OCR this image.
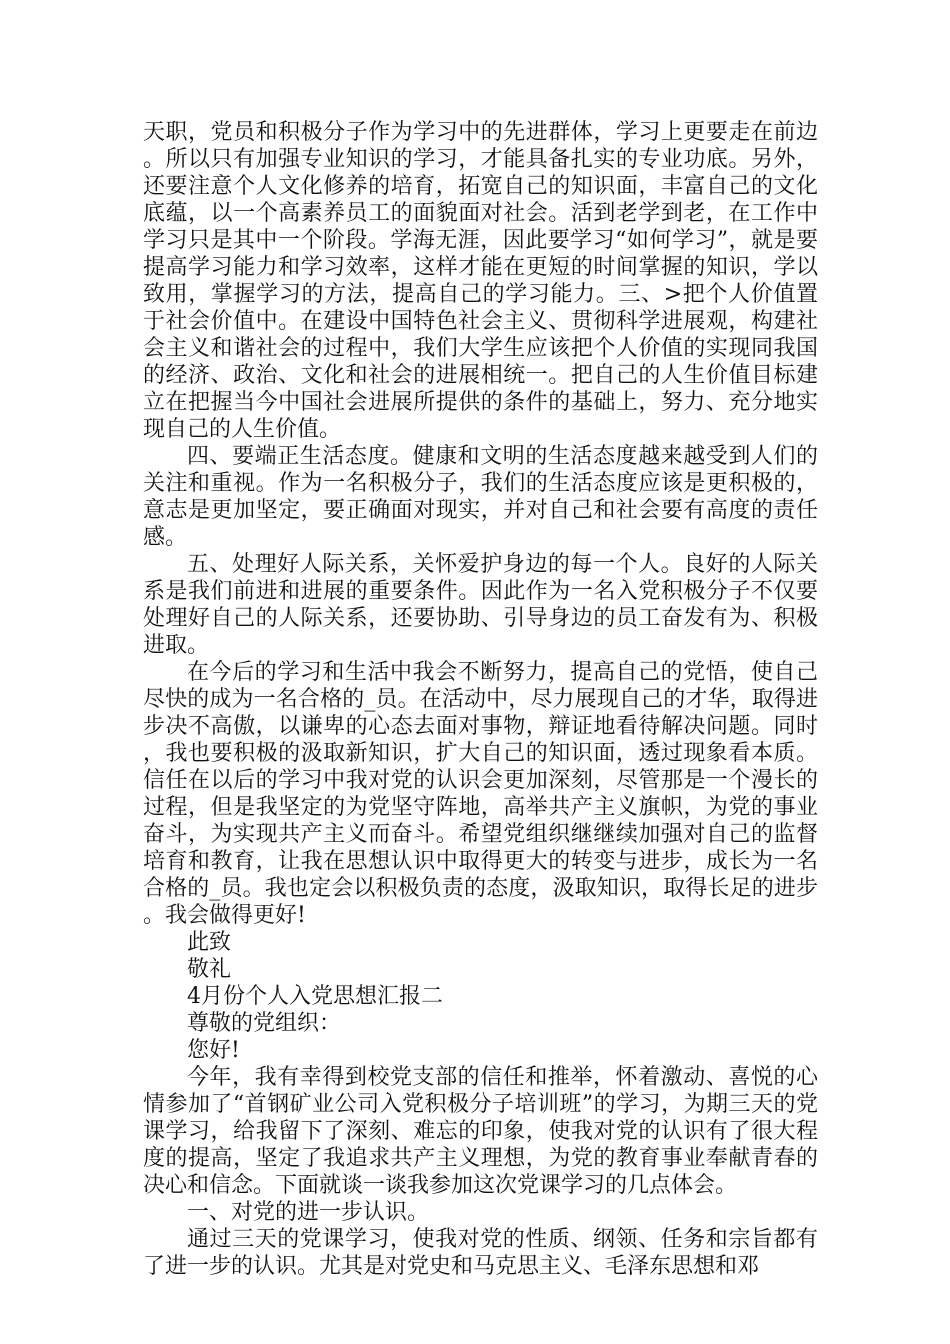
天职，党员和积极分子作为学习中的先进群体，学习上更要走在前边。所以只有加强专业知识的学习，才能具备扎实的专业功底。另外，还要注意个人文化修养的培育，拓宽自己的知识面，丰富自己的文化底蕴，以一个高素养员工的面貌面对社会。活到老学到老，在工作中学习只是其中一个阶段。学海无涯，因此要学习“如何学习”，就是要提高学习能力和学习效率，这样才能在更短的时间掌握的知识，学以致用，掌握学习的方法，提高自己的学习能力。三、>把个人价值置于社会价值中。在建设中国特色社会主义、贯彻科学进展观，构建社会主义和谐社会的过程中，我们大学生应该把个人价值的实现同我国的经济、政治、文化和社会的进展相统一。把自己的人生价值目标建立在把握当今中国社会进展所提供的条件的基础上，努力、充分地实现自己的人生价值。

四、要端正生活态度。健康和文明的生活态度越来越受到人们的关注和重视。作为一名积极分子，我们的生活态度应该是更积极的，意志是更加坚定，要正确面对现实，并对自己和社会要有高度的责任感。

五、处理好人际关系，关怀爱护身边的每一个人。良好的人际关系是我们前进和进展的重要条件。因此作为一名入党积极分子不仅要处理好自己的人际关系，还要协助、引导身边的员工奋发有为、积极进取。

在今后的学习和生活中我会不断努力，提高自己的党悟，使自己尽快的成为一名合格的_员。在活动中，尽力展现自己的才华，取得进步决不高傲，以谦卑的心态去面对事物，辩证地看待解决问题。同时，我也要积极的汲取新知识，扩大自己的知识面，透过现象看本质。信任在以后的学习中我对党的认识会更加深刻，尽管那是一个漫长的过程，但是我坚定的为党坚守阵地，高举共产主义旗帜，为党的事业奋斗，为实现共产主义而奋斗。希望党组织继继续加强对自己的监督培育和教育，让我在思想认识中取得更大的转变与进步，成长为一名合格的_员。我也定会以积极负责的态度，汲取知识，取得长足的进步。我会做得更好!

此致

敬礼

4月份个人入党思想汇报二

尊敬的党组织：

您好!

今年，我有幸得到校党支部的信任和推举，怀着激动、喜悦的心情参加了“首钢矿业公司入党积极分子培训班”的学习，为期三天的党课学习，给我留下了深刻、难忘的印象，使我对党的认识有了很大程度的提高，坚定了我追求共产主义理想，为党的教育事业奉献青春的决心和信念。下面就谈一谈我参加这次党课学习的几点体会。

一、对党的进一步认识。

通过三天的党课学习，使我对党的性质、纲领、任务和宗旨都有了进一步的认识。尤其是对党史和马克思主义、毛泽东思想和邓
